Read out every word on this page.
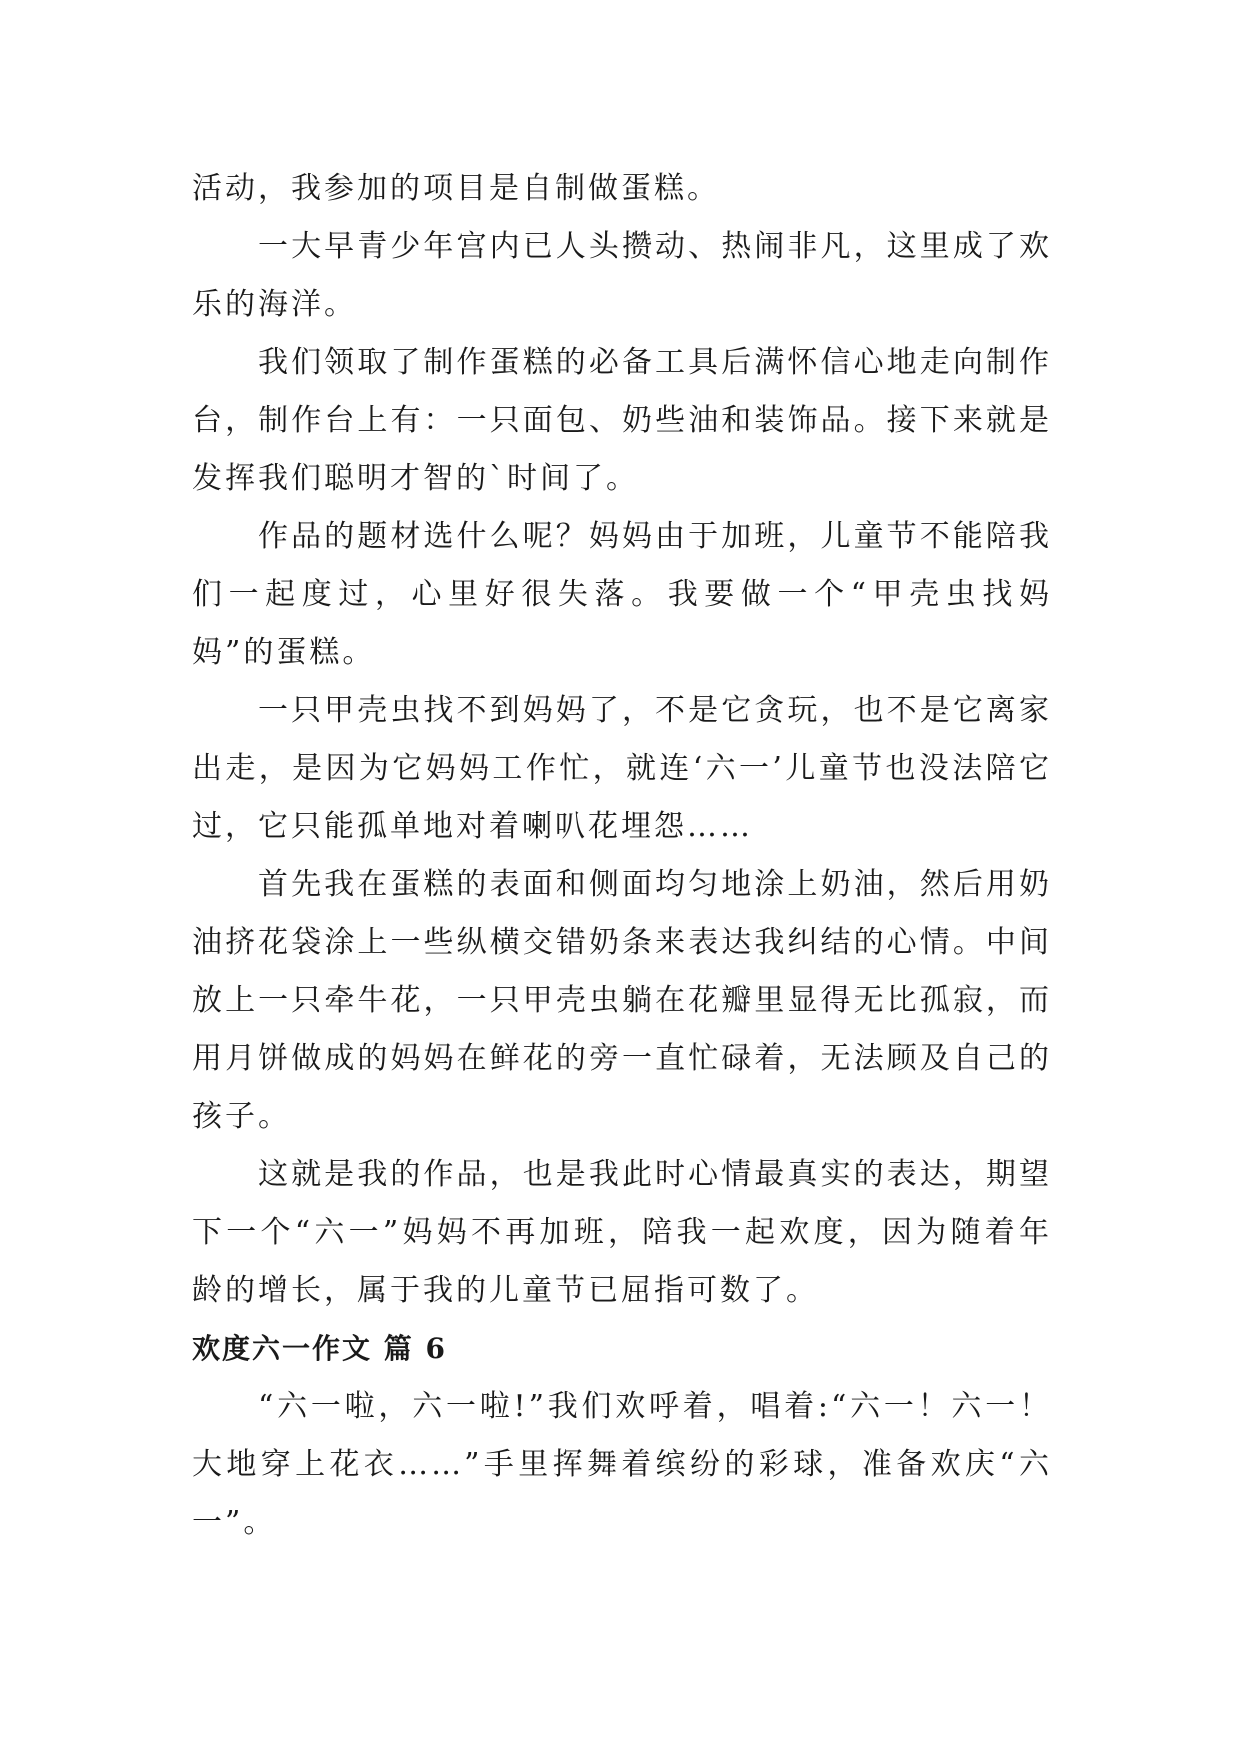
活动，我参加的项目是自制做蛋糕。

一大早青少年宫内已人头攒动、热闹非凡，这里成了欢乐的海洋。

我们领取了制作蛋糕的必备工具后满怀信心地走向制作台，制作台上有：一只面包、奶些油和装饰品。接下来就是发挥我们聪明才智的`时间了。

作品的题材选什么呢？妈妈由于加班，儿童节不能陪我们一起度过，心里好很失落。我要做一个“甲壳虫找妈妈”的蛋糕。

一只甲壳虫找不到妈妈了，不是它贪玩，也不是它离家出走，是因为它妈妈工作忙，就连‘六一’儿童节也没法陪它过，它只能孤单地对着喇叭花埋怨……

首先我在蛋糕的表面和侧面均匀地涂上奶油，然后用奶油挤花袋涂上一些纵横交错奶条来表达我纠结的心情。中间放上一只牵牛花，一只甲壳虫躺在花瓣里显得无比孤寂，而用月饼做成的妈妈在鲜花的旁一直忙碌着，无法顾及自己的孩子。

这就是我的作品，也是我此时心情最真实的表达，期望下一个“六一”妈妈不再加班，陪我一起欢度，因为随着年龄的增长，属于我的儿童节已屈指可数了。

欢度六一作文 篇 6

“六一啦，六一啦!”我们欢呼着，唱着:“六一！六一！大地穿上花衣……”手里挥舞着缤纷的彩球，准备欢庆“六一”。
